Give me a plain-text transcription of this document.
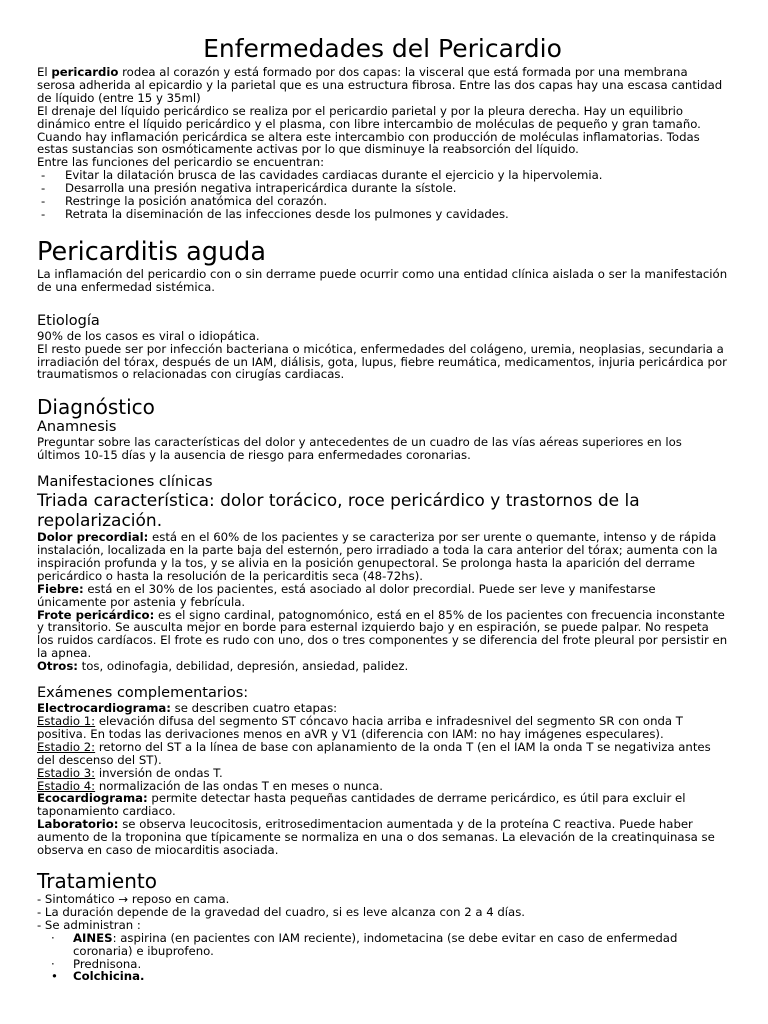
Enfermedades del Pericardio

El pericardio rodea al corazón y está formado por dos capas: la visceral que está formada por una membrana serosa adherida al epicardio y la parietal que es una estructura fibrosa. Entre las dos capas hay una escasa cantidad de líquido (entre 15 y 35ml)

El drenaje del líquido pericárdico se realiza por el pericardio parietal y por la pleura derecha. Hay un equilibrio dinámico entre el líquido pericárdico y el plasma, con libre intercambio de moléculas de pequeño y gran tamaño. Cuando hay inflamación pericárdica se altera este intercambio con producción de moléculas inflamatorias. Todas estas sustancias son osmóticamente activas por lo que disminuye la reabsorción del líquido.

Entre las funciones del pericardio se encuentran:

- Evitar la dilatación brusca de las cavidades cardiacas durante el ejercicio y la hipervolemia.
- Desarrolla una presión negativa intrapericárdica durante la sístole.
- Restringe la posición anatómica del corazón.
- Retrata la diseminación de las infecciones desde los pulmones y cavidades.
Pericarditis aguda

La inflamación del pericardio con o sin derrame puede ocurrir como una entidad clínica aislada o ser la manifestación de una enfermedad sistémica.

Etiología

90% de los casos es viral o idiopática.

El resto puede ser por infección bacteriana o micótica, enfermedades del colágeno, uremia, neoplasias, secundaria a irradiación del tórax, después de un IAM, diálisis, gota, lupus, fiebre reumática, medicamentos, injuria pericárdica por traumatismos o relacionadas con cirugías cardiacas.

Diagnóstico
Anamnesis

Preguntar sobre las características del dolor y antecedentes de un cuadro de las vías aéreas superiores en los últimos 10-15 días y la ausencia de riesgo para enfermedades coronarias.

Manifestaciones clínicas

Triada característica: dolor torácico, roce pericárdico y trastornos de la repolarización.

Dolor precordial: está en el 60% de los pacientes y se caracteriza por ser urente o quemante, intenso y de rápida instalación, localizada en la parte baja del esternón, pero irradiado a toda la cara anterior del tórax; aumenta con la inspiración profunda y la tos, y se alivia en la posición genupectoral. Se prolonga hasta la aparición del derrame pericárdico o hasta la resolución de la pericarditis seca (48-72hs).

Fiebre: está en el 30% de los pacientes, está asociado al dolor precordial. Puede ser leve y manifestarse únicamente por astenia y febrícula.

Frote pericárdico: es el signo cardinal, patognomónico, está en el 85% de los pacientes con frecuencia inconstante y transitorio. Se ausculta mejor en borde para esternal izquierdo bajo y en espiración, se puede palpar. No respeta los ruidos cardíacos. El frote es rudo con uno, dos o tres componentes y se diferencia del frote pleural por persistir en la apnea.

Otros: tos, odinofagia, debilidad, depresión, ansiedad, palidez.

Exámenes complementarios:

Electrocardiograma: se describen cuatro etapas:

Estadio 1: elevación difusa del segmento ST cóncavo hacia arriba e infradesnivel del segmento SR con onda T positiva. En todas las derivaciones menos en aVR y V1 (diferencia con IAM: no hay imágenes especulares).

Estadio 2: retorno del ST a la línea de base con aplanamiento de la onda T (en el IAM la onda T se negativiza antes del descenso del ST).

Estadio 3: inversión de ondas T.

Estadio 4: normalización de las ondas T en meses o nunca.

Ecocardiograma: permite detectar hasta pequeñas cantidades de derrame pericárdico, es útil para excluir el taponamiento cardiaco.

Laboratorio: se observa leucocitosis, eritrosedimentacion aumentada y de la proteína C reactiva. Puede haber aumento de la troponina que típicamente se normaliza en una o dos semanas. La elevación de la creatinquinasa se observa en caso de miocarditis asociada.

Tratamiento

- Sintomático → reposo en cama.

- La duración depende de la gravedad del cuadro, si es leve alcanza con 2 a 4 días.

- Se administran :

· AINES: aspirina (en pacientes con IAM reciente), indometacina (se debe evitar en caso de enfermedad coronaria) e ibuprofeno.
· Prednisona.
• Colchicina.
